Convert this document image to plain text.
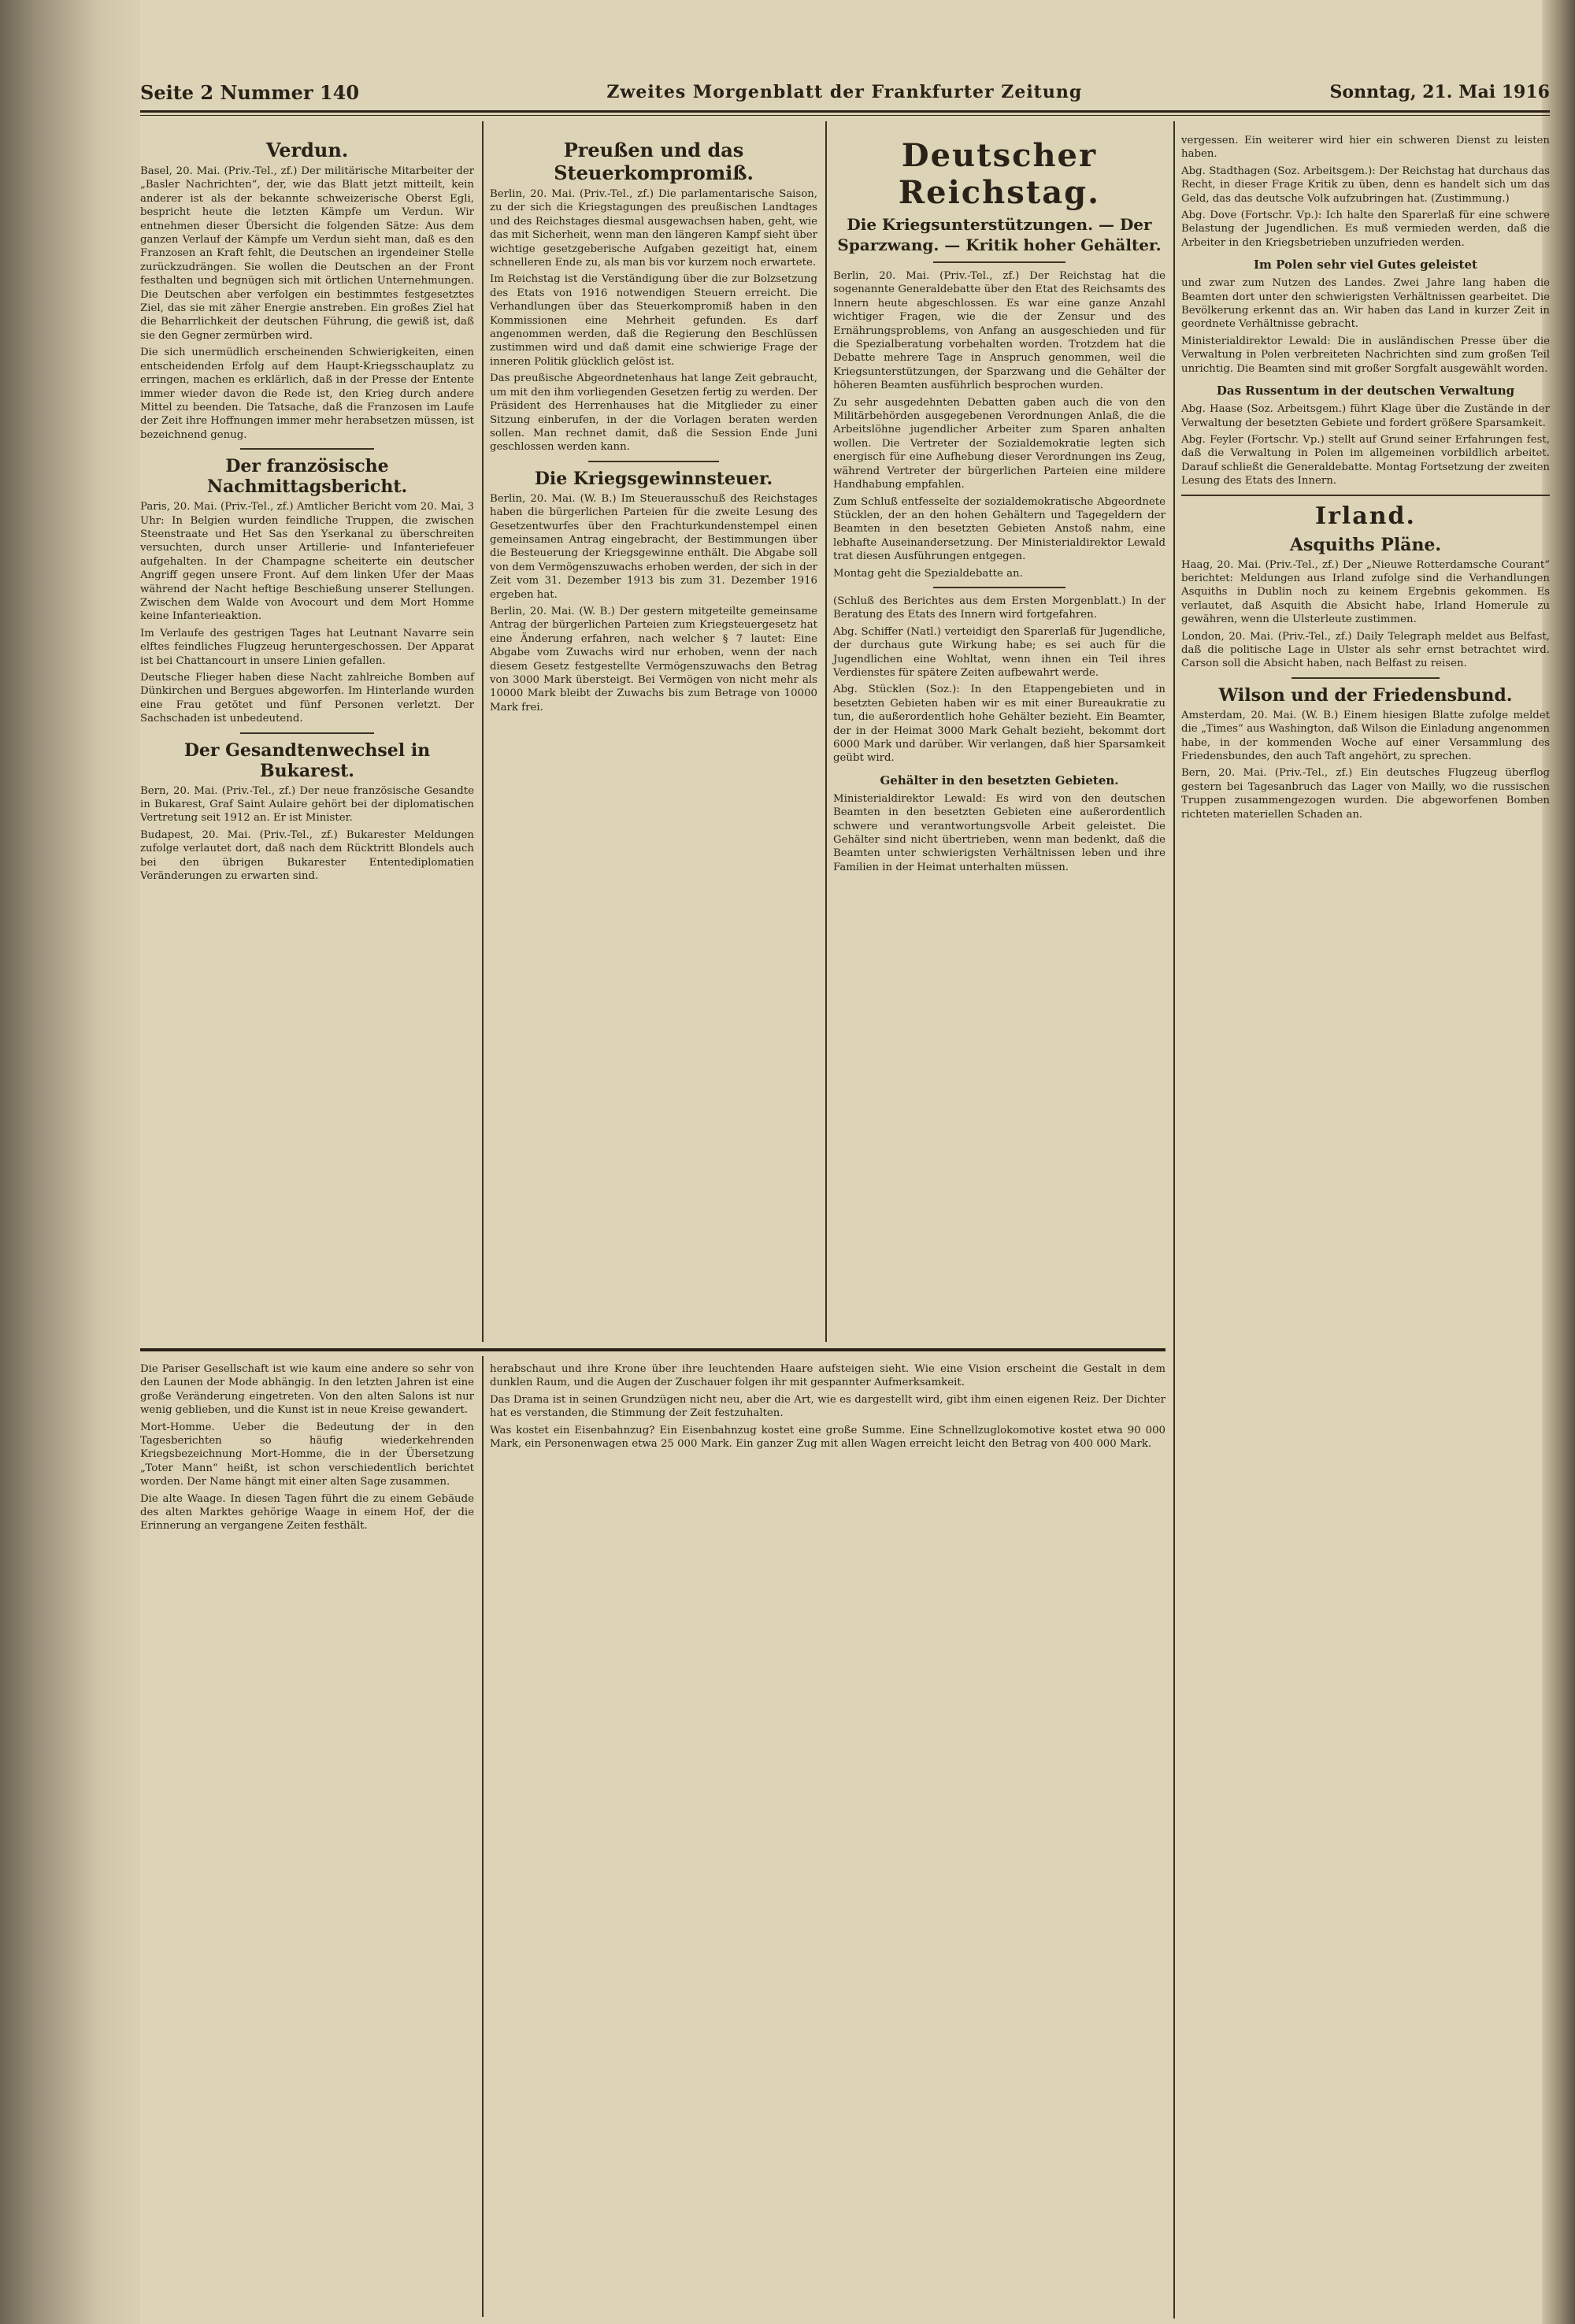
Seite 2 Nummer 140	Zweites Morgenblatt der Frankfurter Zeitung	Sonntag, 21. Mai 1916
Verdun.

Basel, 20. Mai. (Priv.-Tel., zf.) Der militärische Mitarbeiter der „Basler Nachrichten“, der, wie das Blatt jetzt mitteilt, kein anderer ist als der bekannte schweizerische Oberst Egli, bespricht heute die letzten Kämpfe um Verdun. Wir entnehmen dieser Übersicht die folgenden Sätze: Aus dem ganzen Verlauf der Kämpfe um Verdun sieht man, daß es den Franzosen an Kraft fehlt, die Deutschen an irgendeiner Stelle zurückzudrängen. Sie wollen die Deutschen an der Front festhalten und begnügen sich mit örtlichen Unternehmungen. Die Deutschen aber verfolgen ein bestimmtes festgesetztes Ziel, das sie mit zäher Energie anstreben. Ein großes Ziel hat die Beharrlichkeit der deutschen Führung, die gewiß ist, daß sie den Gegner zermürben wird.

Die sich unermüdlich erscheinenden Schwierigkeiten, einen entscheidenden Erfolg auf dem Haupt-Kriegsschauplatz zu erringen, machen es erklärlich, daß in der Presse der Entente immer wieder davon die Rede ist, den Krieg durch andere Mittel zu beenden. Die Tatsache, daß die Franzosen im Laufe der Zeit ihre Hoffnungen immer mehr herabsetzen müssen, ist bezeichnend genug.

Der französische Nachmittagsbericht.

Paris, 20. Mai. (Priv.-Tel., zf.) Amtlicher Bericht vom 20. Mai, 3 Uhr: In Belgien wurden feindliche Truppen, die zwischen Steenstraate und Het Sas den Yserkanal zu überschreiten versuchten, durch unser Artillerie- und Infanteriefeuer aufgehalten. In der Champagne scheiterte ein deutscher Angriff gegen unsere Front. Auf dem linken Ufer der Maas während der Nacht heftige Beschießung unserer Stellungen. Zwischen dem Walde von Avocourt und dem Mort Homme keine Infanterieaktion.

Im Verlaufe des gestrigen Tages hat Leutnant Navarre sein elftes feindliches Flugzeug heruntergeschossen. Der Apparat ist bei Chattancourt in unsere Linien gefallen.

Deutsche Flieger haben diese Nacht zahlreiche Bomben auf Dünkirchen und Bergues abgeworfen. Im Hinterlande wurden eine Frau getötet und fünf Personen verletzt. Der Sachschaden ist unbedeutend.

Der Gesandtenwechsel in Bukarest.

Bern, 20. Mai. (Priv.-Tel., zf.) Der neue französische Gesandte in Bukarest, Graf Saint Aulaire gehört bei der diplomatischen Vertretung seit 1912 an. Er ist Minister.

Budapest, 20. Mai. (Priv.-Tel., zf.) Bukarester Meldungen zufolge verlautet dort, daß nach dem Rücktritt Blondels auch bei den übrigen Bukarester Ententediplomatien Veränderungen zu erwarten sind.

Preußen und das Steuerkompromiß.

Berlin, 20. Mai. (Priv.-Tel., zf.) Die parlamentarische Saison, zu der sich die Kriegstagungen des preußischen Landtages und des Reichstages diesmal ausgewachsen haben, geht, wie das mit Sicherheit, wenn man den längeren Kampf sieht über wichtige gesetzgeberische Aufgaben gezeitigt hat, einem schnelleren Ende zu, als man bis vor kurzem noch erwartete.

Im Reichstag ist die Verständigung über die zur Bolzsetzung des Etats von 1916 notwendigen Steuern erreicht. Die Verhandlungen über das Steuerkompromiß haben in den Kommissionen eine Mehrheit gefunden. Es darf angenommen werden, daß die Regierung den Beschlüssen zustimmen wird und daß damit eine schwierige Frage der inneren Politik glücklich gelöst ist.

Das preußische Abgeordnetenhaus hat lange Zeit gebraucht, um mit den ihm vorliegenden Gesetzen fertig zu werden. Der Präsident des Herrenhauses hat die Mitglieder zu einer Sitzung einberufen, in der die Vorlagen beraten werden sollen. Man rechnet damit, daß die Session Ende Juni geschlossen werden kann.

Die Kriegsgewinnsteuer.

Berlin, 20. Mai. (W. B.) Im Steuerausschuß des Reichstages haben die bürgerlichen Parteien für die zweite Lesung des Gesetzentwurfes über den Frachturkundenstempel einen gemeinsamen Antrag eingebracht, der Bestimmungen über die Besteuerung der Kriegsgewinne enthält. Die Abgabe soll von dem Vermögenszuwachs erhoben werden, der sich in der Zeit vom 31. Dezember 1913 bis zum 31. Dezember 1916 ergeben hat.

Berlin, 20. Mai. (W. B.) Der gestern mitgeteilte gemeinsame Antrag der bürgerlichen Parteien zum Kriegsteuergesetz hat eine Änderung erfahren, nach welcher § 7 lautet: Eine Abgabe vom Zuwachs wird nur erhoben, wenn der nach diesem Gesetz festgestellte Vermögenszuwachs den Betrag von 3000 Mark übersteigt. Bei Vermögen von nicht mehr als 10000 Mark bleibt der Zuwachs bis zum Betrage von 10000 Mark frei.

Deutscher Reichstag.
Die Kriegsunterstützungen. — Der Sparzwang. — Kritik hoher Gehälter.

Berlin, 20. Mai. (Priv.-Tel., zf.) Der Reichstag hat die sogenannte Generaldebatte über den Etat des Reichsamts des Innern heute abgeschlossen. Es war eine ganze Anzahl wichtiger Fragen, wie die der Zensur und des Ernährungsproblems, von Anfang an ausgeschieden und für die Spezialberatung vorbehalten worden. Trotzdem hat die Debatte mehrere Tage in Anspruch genommen, weil die Kriegsunterstützungen, der Sparzwang und die Gehälter der höheren Beamten ausführlich besprochen wurden.

Zu sehr ausgedehnten Debatten gaben auch die von den Militärbehörden ausgegebenen Verordnungen Anlaß, die die Arbeitslöhne jugendlicher Arbeiter zum Sparen anhalten wollen. Die Vertreter der Sozialdemokratie legten sich energisch für eine Aufhebung dieser Verordnungen ins Zeug, während Vertreter der bürgerlichen Parteien eine mildere Handhabung empfahlen.

Zum Schluß entfesselte der sozialdemokratische Abgeordnete Stücklen, der an den hohen Gehältern und Tagegeldern der Beamten in den besetzten Gebieten Anstoß nahm, eine lebhafte Auseinandersetzung. Der Ministerialdirektor Lewald trat diesen Ausführungen entgegen.

Montag geht die Spezialdebatte an.

(Schluß des Berichtes aus dem Ersten Morgenblatt.) In der Beratung des Etats des Innern wird fortgefahren.

Abg. Schiffer (Natl.) verteidigt den Sparerlaß für Jugendliche, der durchaus gute Wirkung habe; es sei auch für die Jugendlichen eine Wohltat, wenn ihnen ein Teil ihres Verdienstes für spätere Zeiten aufbewahrt werde.

Abg. Stücklen (Soz.): In den Etappengebieten und in besetzten Gebieten haben wir es mit einer Bureaukratie zu tun, die außerordentlich hohe Gehälter bezieht. Ein Beamter, der in der Heimat 3000 Mark Gehalt bezieht, bekommt dort 6000 Mark und darüber. Wir verlangen, daß hier Sparsamkeit geübt wird.

Gehälter in den besetzten Gebieten.

Ministerialdirektor Lewald: Es wird von den deutschen Beamten in den besetzten Gebieten eine außerordentlich schwere und verantwortungsvolle Arbeit geleistet. Die Gehälter sind nicht übertrieben, wenn man bedenkt, daß die Beamten unter schwierigsten Verhältnissen leben und ihre Familien in der Heimat unterhalten müssen.

vergessen. Ein weiterer wird hier ein schweren Dienst zu leisten haben.

Abg. Stadthagen (Soz. Arbeitsgem.): Der Reichstag hat durchaus das Recht, in dieser Frage Kritik zu üben, denn es handelt sich um das Geld, das das deutsche Volk aufzubringen hat. (Zustimmung.)

Abg. Dove (Fortschr. Vp.): Ich halte den Sparerlaß für eine schwere Belastung der Jugendlichen. Es muß vermieden werden, daß die Arbeiter in den Kriegsbetrieben unzufrieden werden.

Im Polen sehr viel Gutes geleistet

und zwar zum Nutzen des Landes. Zwei Jahre lang haben die Beamten dort unter den schwierigsten Verhältnissen gearbeitet. Die Bevölkerung erkennt das an. Wir haben das Land in kurzer Zeit in geordnete Verhältnisse gebracht.

Ministerialdirektor Lewald: Die in ausländischen Presse über die Verwaltung in Polen verbreiteten Nachrichten sind zum großen Teil unrichtig. Die Beamten sind mit großer Sorgfalt ausgewählt worden.

Das Russentum in der deutschen Verwaltung

Abg. Haase (Soz. Arbeitsgem.) führt Klage über die Zustände in der Verwaltung der besetzten Gebiete und fordert größere Sparsamkeit.

Abg. Feyler (Fortschr. Vp.) stellt auf Grund seiner Erfahrungen fest, daß die Verwaltung in Polen im allgemeinen vorbildlich arbeitet. Darauf schließt die Generaldebatte. Montag Fortsetzung der zweiten Lesung des Etats des Innern.

Irland.
Asquiths Pläne.

Haag, 20. Mai. (Priv.-Tel., zf.) Der „Nieuwe Rotterdamsche Courant“ berichtet: Meldungen aus Irland zufolge sind die Verhandlungen Asquiths in Dublin noch zu keinem Ergebnis gekommen. Es verlautet, daß Asquith die Absicht habe, Irland Homerule zu gewähren, wenn die Ulsterleute zustimmen.

London, 20. Mai. (Priv.-Tel., zf.) Daily Telegraph meldet aus Belfast, daß die politische Lage in Ulster als sehr ernst betrachtet wird. Carson soll die Absicht haben, nach Belfast zu reisen.

Wilson und der Friedensbund.

Amsterdam, 20. Mai. (W. B.) Einem hiesigen Blatte zufolge meldet die „Times“ aus Washington, daß Wilson die Einladung angenommen habe, in der kommenden Woche auf einer Versammlung des Friedensbundes, den auch Taft angehört, zu sprechen.

Bern, 20. Mai. (Priv.-Tel., zf.) Ein deutsches Flugzeug überflog gestern bei Tagesanbruch das Lager von Mailly, wo die russischen Truppen zusammengezogen wurden. Die abgeworfenen Bomben richteten materiellen Schaden an.

Die Pariser Gesellschaft ist wie kaum eine andere so sehr von den Launen der Mode abhängig. In den letzten Jahren ist eine große Veränderung eingetreten. Von den alten Salons ist nur wenig geblieben, und die Kunst ist in neue Kreise gewandert.

Mort-Homme. Ueber die Bedeutung der in den Tagesberichten so häufig wiederkehrenden Kriegsbezeichnung Mort-Homme, die in der Übersetzung „Toter Mann“ heißt, ist schon verschiedentlich berichtet worden. Der Name hängt mit einer alten Sage zusammen.

Die alte Waage. In diesen Tagen führt die zu einem Gebäude des alten Marktes gehörige Waage in einem Hof, der die Erinnerung an vergangene Zeiten festhält.

herabschaut und ihre Krone über ihre leuchtenden Haare aufsteigen sieht. Wie eine Vision erscheint die Gestalt in dem dunklen Raum, und die Augen der Zuschauer folgen ihr mit gespannter Aufmerksamkeit.

Das Drama ist in seinen Grundzügen nicht neu, aber die Art, wie es dargestellt wird, gibt ihm einen eigenen Reiz. Der Dichter hat es verstanden, die Stimmung der Zeit festzuhalten.

Was kostet ein Eisenbahnzug? Ein Eisenbahnzug kostet eine große Summe. Eine Schnellzuglokomotive kostet etwa 90 000 Mark, ein Personenwagen etwa 25 000 Mark. Ein ganzer Zug mit allen Wagen erreicht leicht den Betrag von 400 000 Mark.
